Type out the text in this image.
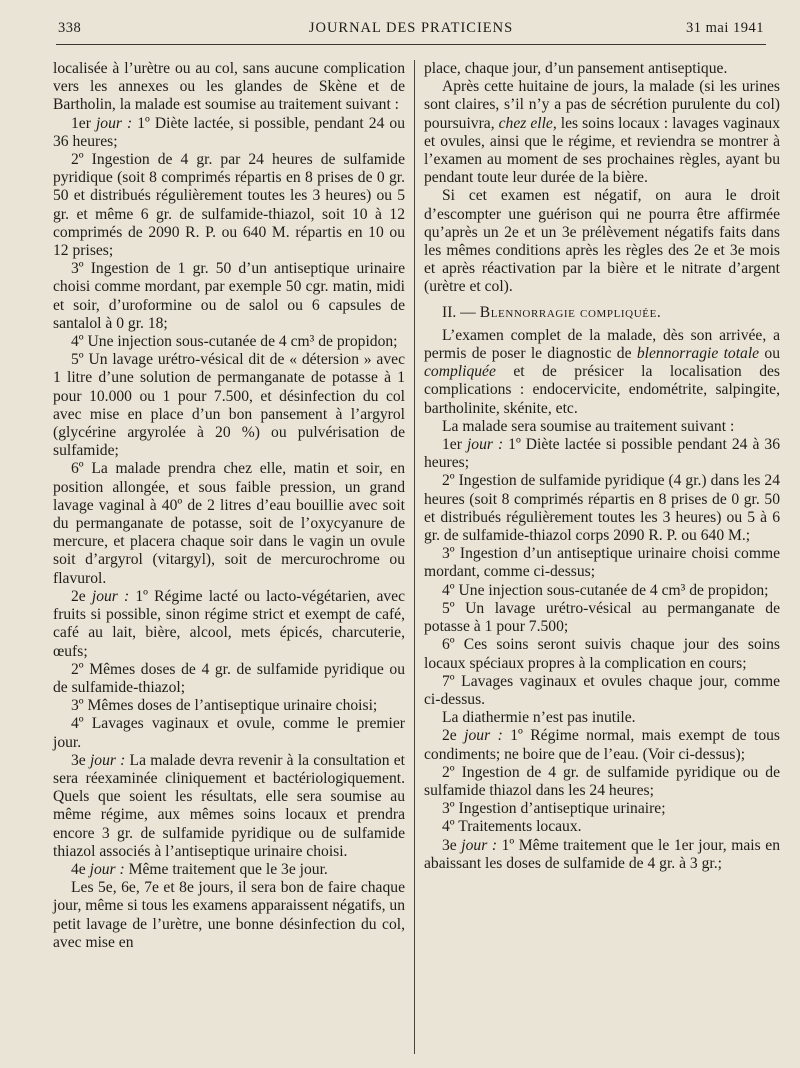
338	JOURNAL DES PRATICIENS	31 mai 1941

localisée à l’urètre ou au col, sans aucune complication vers les annexes ou les glandes de Skène et de Bartholin, la malade est soumise au traitement suivant :

1er jour : 1º Diète lactée, si possible, pendant 24 ou 36 heures;

2º Ingestion de 4 gr. par 24 heures de sulfamide pyridique (soit 8 comprimés répartis en 8 prises de 0 gr. 50 et distribués régulièrement toutes les 3 heures) ou 5 gr. et même 6 gr. de sulfamide-thiazol, soit 10 à 12 comprimés de 2090 R. P. ou 640 M. répartis en 10 ou 12 prises;

3º Ingestion de 1 gr. 50 d’un antiseptique urinaire choisi comme mordant, par exemple 50 cgr. matin, midi et soir, d’uroformine ou de salol ou 6 capsules de santalol à 0 gr. 18;

4º Une injection sous-cutanée de 4 cm³ de propidon;

5º Un lavage urétro-vésical dit de « détersion » avec 1 litre d’une solution de permanganate de potasse à 1 pour 10.000 ou 1 pour 7.500, et désinfection du col avec mise en place d’un bon pansement à l’argyrol (glycérine argyrolée à 20 %) ou pulvérisation de sulfamide;

6º La malade prendra chez elle, matin et soir, en position allongée, et sous faible pression, un grand lavage vaginal à 40º de 2 litres d’eau bouillie avec soit du permanganate de potasse, soit de l’oxycyanure de mercure, et placera chaque soir dans le vagin un ovule soit d’argyrol (vitargyl), soit de mercurochrome ou flavurol.

2e jour : 1º Régime lacté ou lacto-végétarien, avec fruits si possible, sinon régime strict et exempt de café, café au lait, bière, alcool, mets épicés, charcuterie, œufs;

2º Mêmes doses de 4 gr. de sulfamide pyridique ou de sulfamide-thiazol;

3º Mêmes doses de l’antiseptique urinaire choisi;

4º Lavages vaginaux et ovule, comme le premier jour.

3e jour : La malade devra revenir à la consultation et sera réexaminée cliniquement et bactériologiquement. Quels que soient les résultats, elle sera soumise au même régime, aux mêmes soins locaux et prendra encore 3 gr. de sulfamide pyridique ou de sulfamide thiazol associés à l’antiseptique urinaire choisi.

4e jour : Même traitement que le 3e jour.

Les 5e, 6e, 7e et 8e jours, il sera bon de faire chaque jour, même si tous les examens apparaissent négatifs, un petit lavage de l’urètre, une bonne désinfection du col, avec mise en

place, chaque jour, d’un pansement antiseptique.

Après cette huitaine de jours, la malade (si les urines sont claires, s’il n’y a pas de sécrétion purulente du col) poursuivra, chez elle, les soins locaux : lavages vaginaux et ovules, ainsi que le régime, et reviendra se montrer à l’examen au moment de ses prochaines règles, ayant bu pendant toute leur durée de la bière.

Si cet examen est négatif, on aura le droit d’escompter une guérison qui ne pourra être affirmée qu’après un 2e et un 3e prélèvement négatifs faits dans les mêmes conditions après les règles des 2e et 3e mois et après réactivation par la bière et le nitrate d’argent (urètre et col).

II. — Blennorragie compliquée.

L’examen complet de la malade, dès son arrivée, a permis de poser le diagnostic de blennorragie totale ou compliquée et de présicer la localisation des complications : endocervicite, endométrite, salpingite, bartholinite, skénite, etc.

La malade sera soumise au traitement suivant :

1er jour : 1º Diète lactée si possible pendant 24 à 36 heures;

2º Ingestion de sulfamide pyridique (4 gr.) dans les 24 heures (soit 8 comprimés répartis en 8 prises de 0 gr. 50 et distribués régulièrement toutes les 3 heures) ou 5 à 6 gr. de sulfamide-thiazol corps 2090 R. P. ou 640 M.;

3º Ingestion d’un antiseptique urinaire choisi comme mordant, comme ci-dessus;

4º Une injection sous-cutanée de 4 cm³ de propidon;

5º Un lavage urétro-vésical au permanganate de potasse à 1 pour 7.500;

6º Ces soins seront suivis chaque jour des soins locaux spéciaux propres à la complication en cours;

7º Lavages vaginaux et ovules chaque jour, comme ci-dessus.

La diathermie n’est pas inutile.

2e jour : 1º Régime normal, mais exempt de tous condiments; ne boire que de l’eau. (Voir ci-dessus);

2º Ingestion de 4 gr. de sulfamide pyridique ou de sulfamide thiazol dans les 24 heures;

3º Ingestion d’antiseptique urinaire;

4º Traitements locaux.

3e jour : 1º Même traitement que le 1er jour, mais en abaissant les doses de sulfamide de 4 gr. à 3 gr.;
